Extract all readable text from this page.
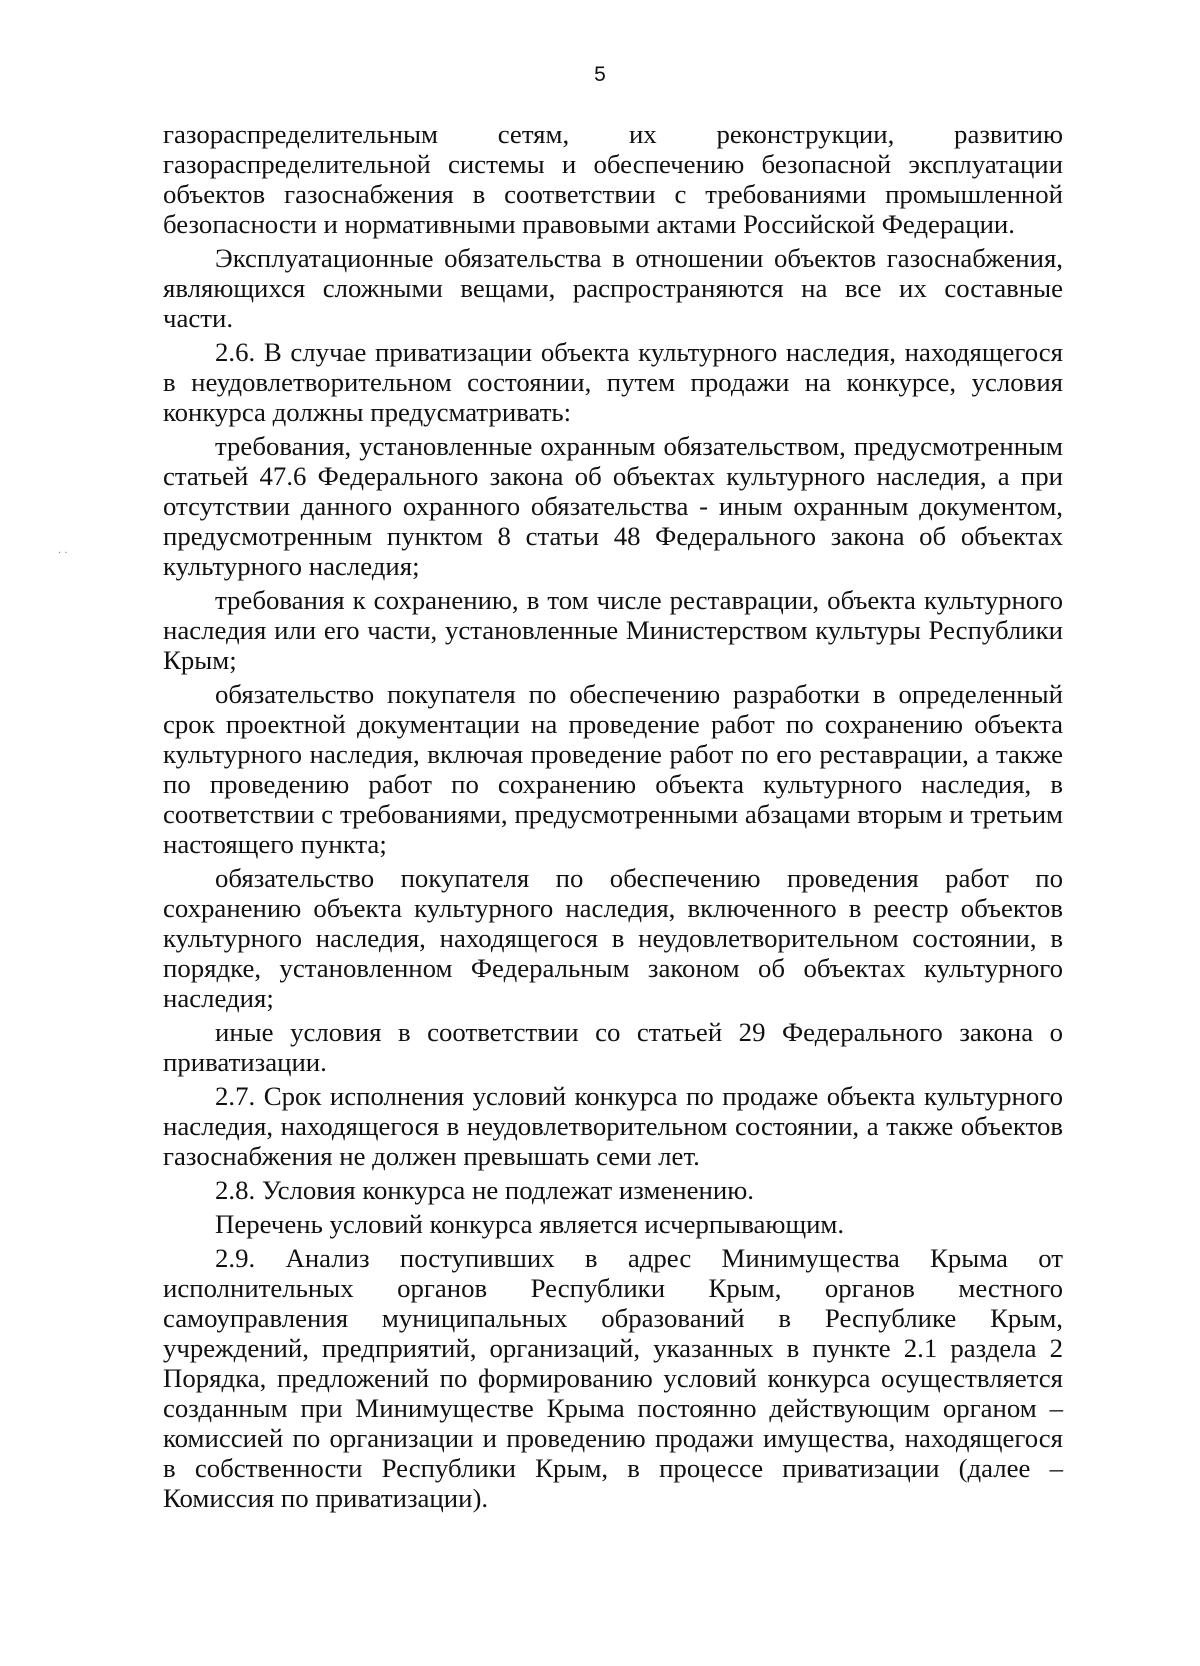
5
· ·

газораспределительным сетям, их реконструкции, развитию газораспределительной системы и обеспечению безопасной эксплуатации объектов газоснабжения в соответствии с требованиями промышленной безопасности и нормативными правовыми актами Российской Федерации.

Эксплуатационные обязательства в отношении объектов газоснабжения, являющихся сложными вещами, распространяются на все их составные части.

2.6. В случае приватизации объекта культурного наследия, находящегося в неудовлетворительном состоянии, путем продажи на конкурсе, условия конкурса должны предусматривать:

требования, установленные охранным обязательством, предусмотренным статьей 47.6 Федерального закона об объектах культурного наследия, а при отсутствии данного охранного обязательства - иным охранным документом, предусмотренным пунктом 8 статьи 48 Федерального закона об объектах культурного наследия;

требования к сохранению, в том числе реставрации, объекта культурного наследия или его части, установленные Министерством культуры Республики Крым;

обязательство покупателя по обеспечению разработки в определенный срок проектной документации на проведение работ по сохранению объекта культурного наследия, включая проведение работ по его реставрации, а также по проведению работ по сохранению объекта культурного наследия, в соответствии с требованиями, предусмотренными абзацами вторым и третьим настоящего пункта;

обязательство покупателя по обеспечению проведения работ по сохранению объекта культурного наследия, включенного в реестр объектов культурного наследия, находящегося в неудовлетворительном состоянии, в порядке, установленном Федеральным законом об объектах культурного наследия;

иные условия в соответствии со статьей 29 Федерального закона о приватизации.

2.7. Срок исполнения условий конкурса по продаже объекта культурного наследия, находящегося в неудовлетворительном состоянии, а также объектов газоснабжения не должен превышать семи лет.

2.8. Условия конкурса не подлежат изменению.

Перечень условий конкурса является исчерпывающим.

2.9. Анализ поступивших в адрес Минимущества Крыма от исполнительных органов Республики Крым, органов местного самоуправления муниципальных образований в Республике Крым, учреждений, предприятий, организаций, указанных в пункте 2.1 раздела 2 Порядка, предложений по формированию условий конкурса осуществляется созданным при Минимуществе Крыма постоянно действующим органом – комиссией по организации и проведению продажи имущества, находящегося в собственности Республики Крым, в процессе приватизации (далее – Комиссия по приватизации).
